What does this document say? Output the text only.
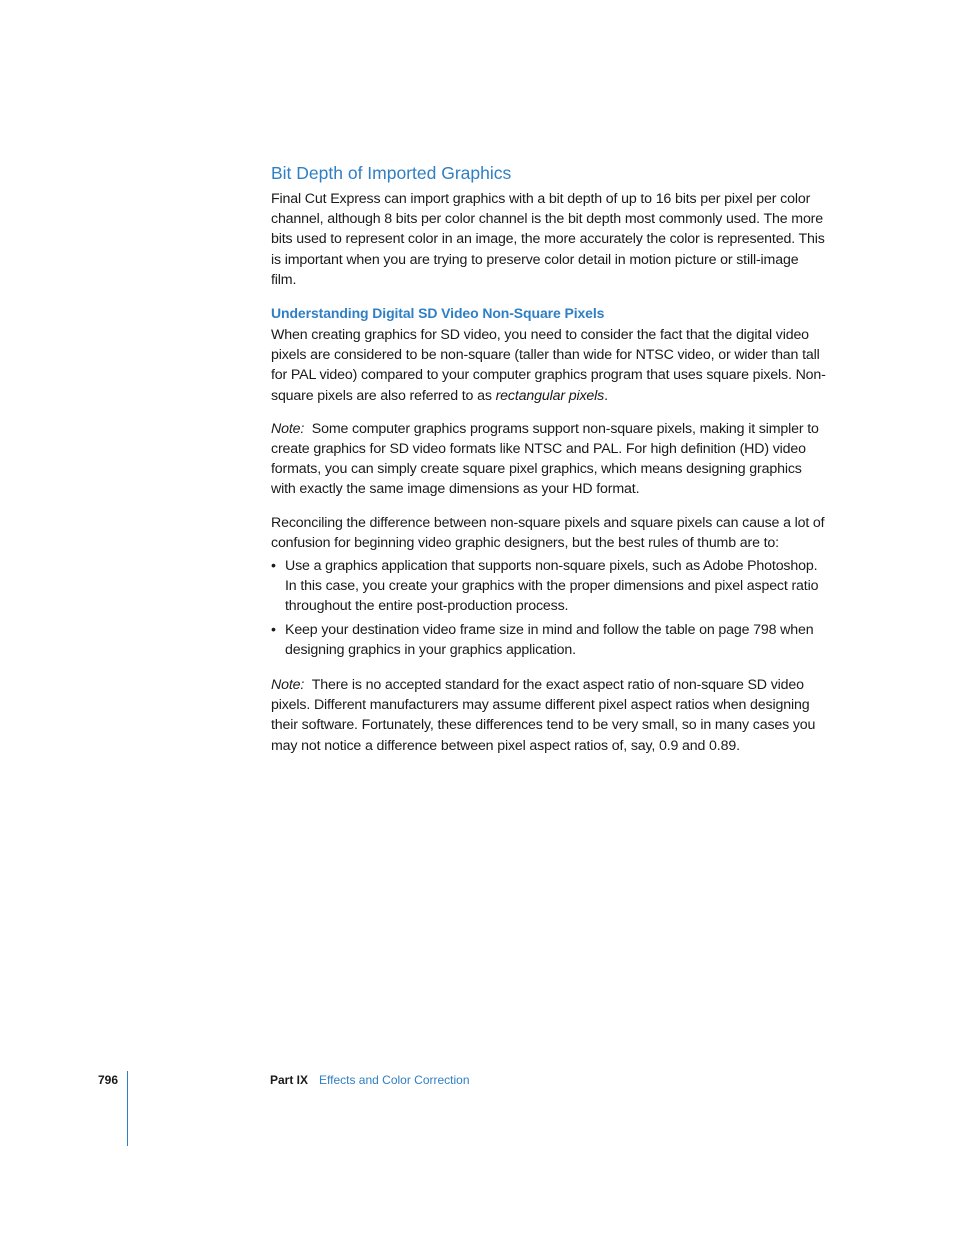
Bit Depth of Imported Graphics

Final Cut Express can import graphics with a bit depth of up to 16 bits per pixel per color channel, although 8 bits per color channel is the bit depth most commonly used. The more bits used to represent color in an image, the more accurately the color is represented. This is important when you are trying to preserve color detail in motion picture or still-image film.

Understanding Digital SD Video Non-Square Pixels

When creating graphics for SD video, you need to consider the fact that the digital video pixels are considered to be non-square (taller than wide for NTSC video, or wider than tall for PAL video) compared to your computer graphics program that uses square pixels. Non-square pixels are also referred to as rectangular pixels.

Note: Some computer graphics programs support non-square pixels, making it simpler to create graphics for SD video formats like NTSC and PAL. For high definition (HD) video formats, you can simply create square pixel graphics, which means designing graphics with exactly the same image dimensions as your HD format.

Reconciling the difference between non-square pixels and square pixels can cause a lot of confusion for beginning video graphic designers, but the best rules of thumb are to:

• Use a graphics application that supports non-square pixels, such as Adobe Photoshop. In this case, you create your graphics with the proper dimensions and pixel aspect ratio throughout the entire post-production process.
• Keep your destination video frame size in mind and follow the table on page 798 when designing graphics in your graphics application.

Note: There is no accepted standard for the exact aspect ratio of non-square SD video pixels. Different manufacturers may assume different pixel aspect ratios when designing their software. Fortunately, these differences tend to be very small, so in many cases you may not notice a difference between pixel aspect ratios of, say, 0.9 and 0.89.

796	Part IX Effects and Color Correction
